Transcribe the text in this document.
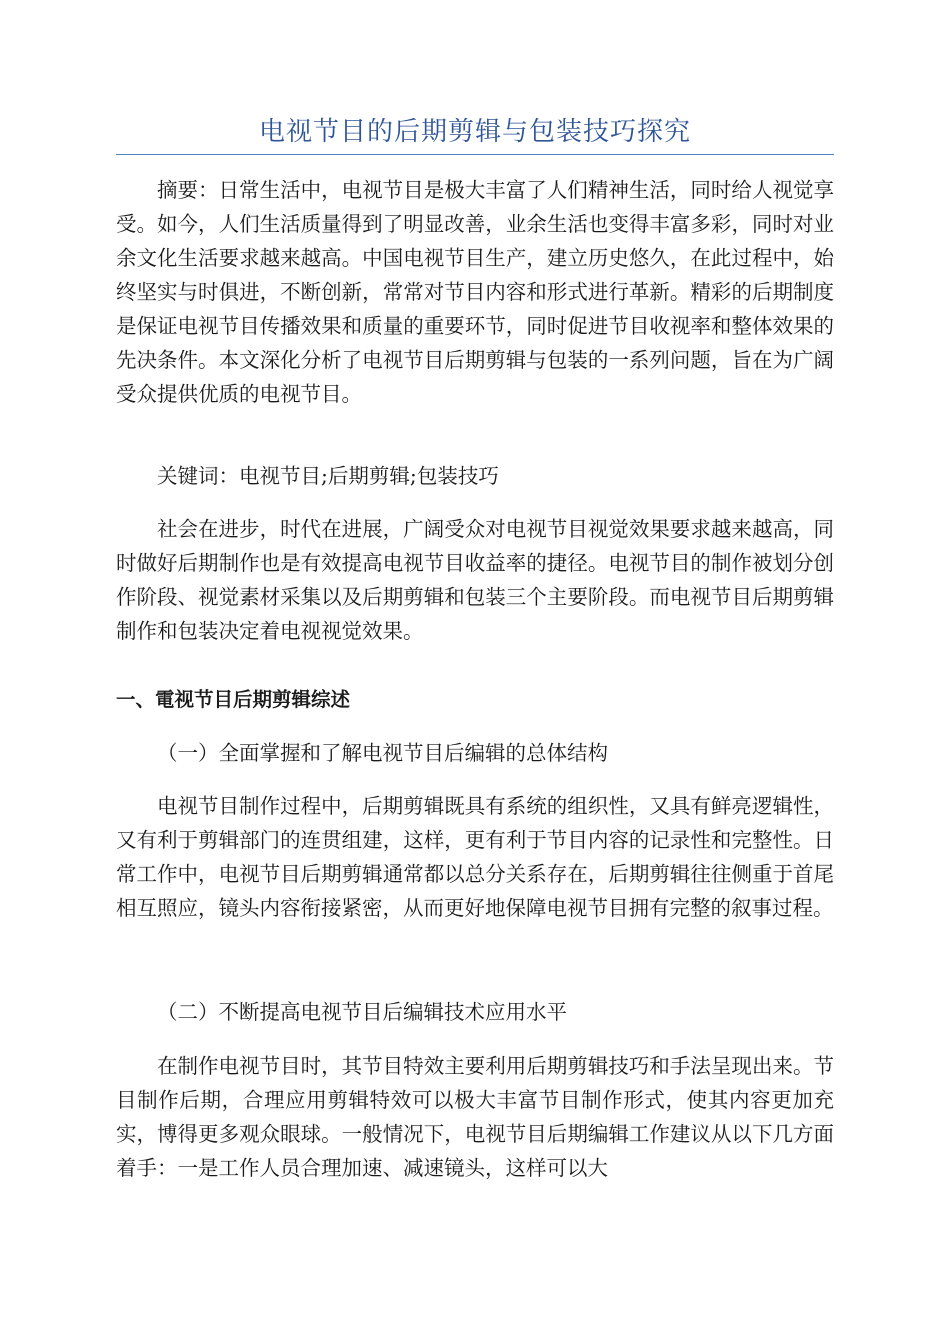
电视节目的后期剪辑与包装技巧探究

摘要：日常生活中，电视节目是极大丰富了人们精神生活，同时给人视觉享受。如今，人们生活质量得到了明显改善，业余生活也变得丰富多彩，同时对业余文化生活要求越来越高。中国电视节目生产，建立历史悠久，在此过程中，始终坚实与时俱进，不断创新，常常对节目内容和形式进行革新。精彩的后期制度是保证电视节目传播效果和质量的重要环节，同时促进节目收视率和整体效果的先决条件。本文深化分析了电视节目后期剪辑与包装的一系列问题，旨在为广阔受众提供优质的电视节目。

关键词：电视节目;后期剪辑;包装技巧

社会在进步，时代在进展，广阔受众对电视节目视觉效果要求越来越高，同时做好后期制作也是有效提高电视节目收益率的捷径。电视节目的制作被划分创作阶段、视觉素材采集以及后期剪辑和包装三个主要阶段。而电视节目后期剪辑制作和包装决定着电视视觉效果。

一、電视节目后期剪辑综述

（一）全面掌握和了解电视节目后编辑的总体结构

电视节目制作过程中，后期剪辑既具有系统的组织性，又具有鲜亮逻辑性，又有利于剪辑部门的连贯组建，这样，更有利于节目内容的记录性和完整性。日常工作中，电视节目后期剪辑通常都以总分关系存在，后期剪辑往往侧重于首尾相互照应，镜头内容衔接紧密，从而更好地保障电视节目拥有完整的叙事过程。

（二）不断提高电视节目后编辑技术应用水平

在制作电视节目时，其节目特效主要利用后期剪辑技巧和手法呈现出来。节目制作后期，合理应用剪辑特效可以极大丰富节目制作形式，使其内容更加充实，博得更多观众眼球。一般情况下，电视节目后期编辑工作建议从以下几方面着手：一是工作人员合理加速、减速镜头，这样可以大
